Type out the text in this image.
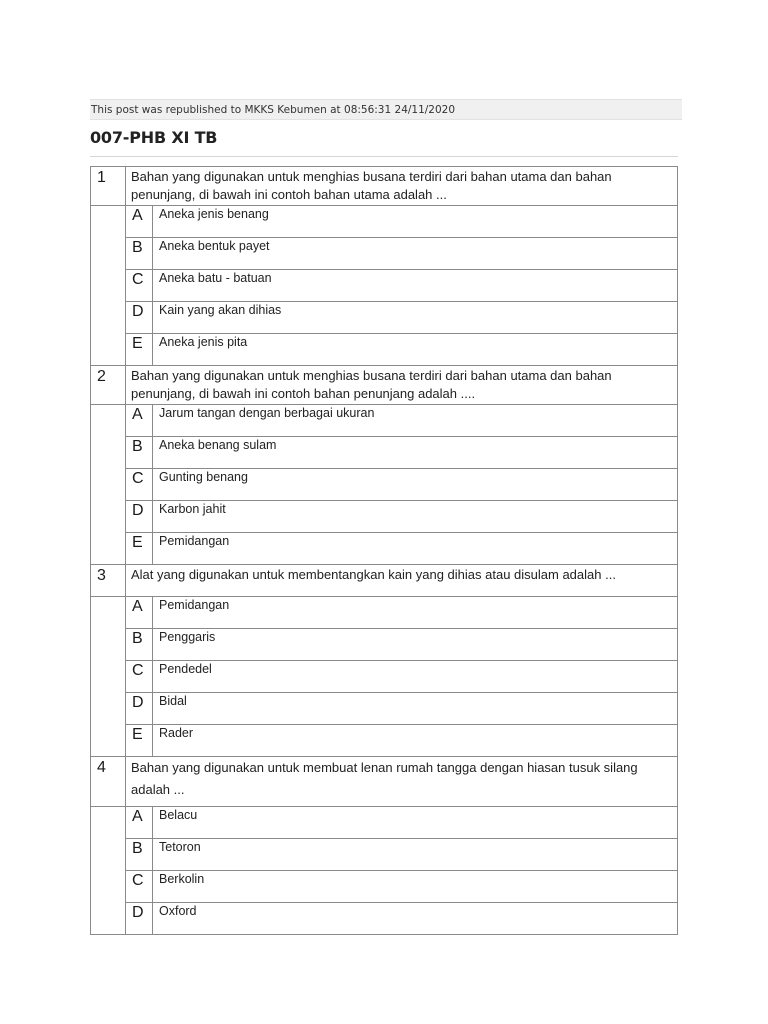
This post was republished to MKKS Kebumen at 08:56:31 24/11/2020
007-PHB XI TB
1	Bahan yang digunakan untuk menghias busana terdiri dari bahan utama dan bahan penunjang, di bawah ini contoh bahan utama adalah ...	
	A	Aneka jenis benang
	B	Aneka bentuk payet
	C	Aneka batu - batuan
	D	Kain yang akan dihias
	E	Aneka jenis pita
2	Bahan yang digunakan untuk menghias busana terdiri dari bahan utama dan bahan penunjang, di bawah ini contoh bahan penunjang adalah ....	
	A	Jarum tangan dengan berbagai ukuran
	B	Aneka benang sulam
	C	Gunting benang
	D	Karbon jahit
	E	Pemidangan
3	Alat yang digunakan untuk membentangkan kain yang dihias atau disulam adalah ...	
	A	Pemidangan
	B	Penggaris
	C	Pendedel
	D	Bidal
	E	Rader
4	Bahan yang digunakan untuk membuat lenan rumah tangga dengan hiasan tusuk silang adalah ...	
	A	Belacu
	B	Tetoron
	C	Berkolin
	D	Oxford
